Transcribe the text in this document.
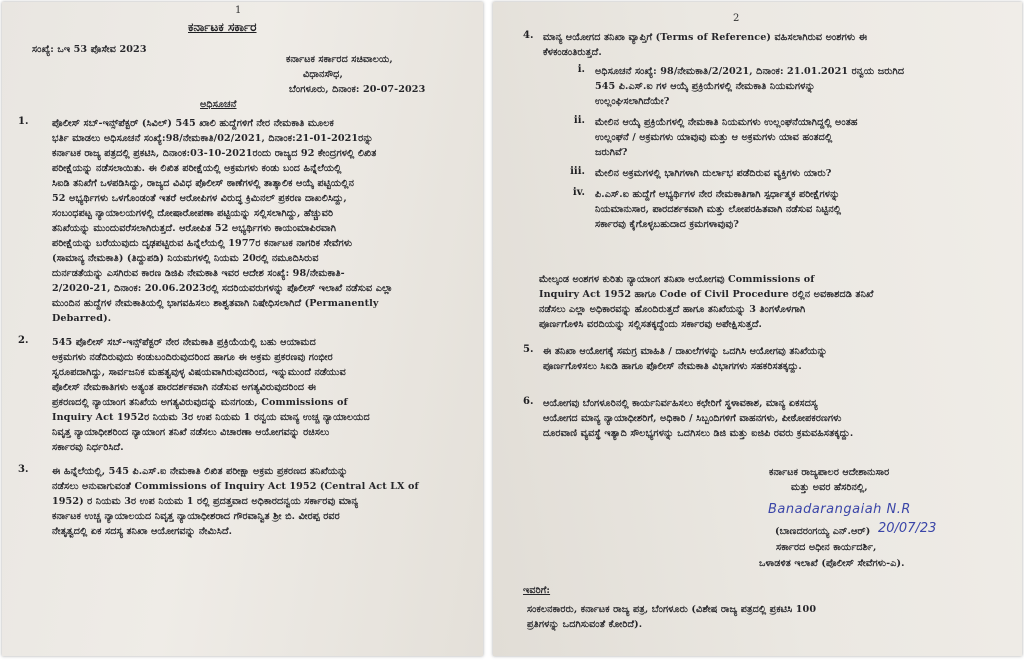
1
ಕರ್ನಾಟಕ ಸರ್ಕಾರ
ಸಂಖ್ಯೆ: ಒಇ 53 ಪೊಸೇವ 2023
ಕರ್ನಾಟಕ ಸರ್ಕಾರದ ಸಚಿವಾಲಯ,
ವಿಧಾನಸೌಧ,
ಬೆಂಗಳೂರು, ದಿನಾಂಕ: 20-07-2023
ಅಧಿಸೂಚನೆ
1. ಪೊಲೀಸ್ ಸಬ್-ಇನ್ಸ್‌ಪೆಕ್ಟರ್ (ಸಿವಿಲ್) 545 ಖಾಲಿ ಹುದ್ದೆಗಳಿಗೆ ನೇರ ನೇಮಕಾತಿ ಮೂಲಕ
ಭರ್ತಿ ಮಾಡಲು ಅಧಿಸೂಚನೆ ಸಂಖ್ಯೆ:98/ನೇಮಕಾತಿ/02/2021, ದಿನಾಂಕ:21-01-2021ರನ್ನು
ಕರ್ನಾಟಕ ರಾಜ್ಯ ಪತ್ರದಲ್ಲಿ ಪ್ರಕಟಿಸಿ, ದಿನಾಂಕ:03-10-2021ರಂದು ರಾಜ್ಯದ 92 ಕೇಂದ್ರಗಳಲ್ಲಿ ಲಿಖಿತ
ಪರೀಕ್ಷೆಯನ್ನು ನಡೆಸಲಾಯಿತು. ಈ ಲಿಖಿತ ಪರೀಕ್ಷೆಯಲ್ಲಿ ಅಕ್ರಮಗಳು ಕಂಡು ಬಂದ ಹಿನ್ನೆಲೆಯಲ್ಲಿ
ಸಿಐಡಿ ತನಿಖೆಗೆ ಒಳಪಡಿಸಿದ್ದು, ರಾಜ್ಯದ ವಿವಿಧ ಪೊಲೀಸ್ ಠಾಣೆಗಳಲ್ಲಿ ತಾತ್ಕಾಲಿಕ ಆಯ್ಕೆ ಪಟ್ಟಿಯಲ್ಲಿನ
52 ಅಭ್ಯರ್ಥಿಗಳು ಒಳಗೊಂಡಂತೆ ಇತರೆ ಆರೋಪಿಗಳ ವಿರುದ್ಧ ಕ್ರಿಮಿನಲ್ ಪ್ರಕರಣ ದಾಖಲಿಸಿದ್ದು,
ಸಂಬಂಧಪಟ್ಟ ನ್ಯಾಯಾಲಯಗಳಲ್ಲಿ ದೋಷಾರೋಪಣಾ ಪಟ್ಟಿಯನ್ನು ಸಲ್ಲಿಸಲಾಗಿದ್ದು, ಹೆಚ್ಚುವರಿ
ತನಿಖೆಯನ್ನು ಮುಂದುವರೆಸಲಾಗಿರುತ್ತದೆ. ಆರೋಪಿತ 52 ಅಭ್ಯರ್ಥಿಗಳು ಕಾಯಂಮಾಪಿರವಾಗಿ
ಪರೀಕ್ಷೆಯನ್ನು ಬರೆಯುವುದು ದೃಢಪಟ್ಟಿರುವ ಹಿನ್ನೆಲೆಯಲ್ಲಿ 1977ರ ಕರ್ನಾಟಕ ನಾಗರಿಕ ಸೇವೆಗಳು
(ಸಾಮಾನ್ಯ ನೇಮಕಾತಿ) (ತಿದ್ದುಪಡಿ) ನಿಯಮಗಳಲ್ಲಿ ನಿಯಮ 20ರಲ್ಲಿ ನಮೂದಿಸಿರುವ
ದುರ್ನಡತೆಯನ್ನು ಎಸಗಿರುವ ಕಾರಣ ಡಿಜಿಪಿ ನೇಮಕಾತಿ ಇವರ ಆದೇಶ ಸಂಖ್ಯೆ: 98/ನೇಮಕಾತಿ-
2/2020-21, ದಿನಾಂಕ: 20.06.2023ರಲ್ಲಿ ಸದರಿಯವರುಗಳನ್ನು ಪೊಲೀಸ್ ಇಲಾಖೆ ನಡೆಸುವ ಎಲ್ಲಾ
ಮುಂದಿನ ಹುದ್ದೆಗಳ ನೇಮಕಾತಿಯಲ್ಲಿ ಭಾಗವಹಿಸಲು ಶಾಶ್ವತವಾಗಿ ನಿಷೇಧಿಸಲಾಗಿದೆ (Permanently
Debarred).
2. 545 ಪೊಲೀಸ್ ಸಬ್-ಇನ್ಸ್‌ಪೆಕ್ಟರ್ ನೇರ ನೇಮಕಾತಿ ಪ್ರಕ್ರಿಯೆಯಲ್ಲಿ ಬಹು ಆಯಾಮದ
ಅಕ್ರಮಗಳು ನಡೆದಿರುವುದು ಕಂಡುಬಂದಿರುವುದರಿಂದ ಹಾಗೂ ಈ ಅಕ್ರಮ ಪ್ರಕರಣವು ಗಂಭೀರ
ಸ್ವರೂಪದಾಗಿದ್ದು, ಸಾರ್ವಜನಿಕ ಮಹತ್ವವುಳ್ಳ ವಿಷಯವಾಗಿರುವುದರಿಂದ, ಇನ್ನುಮುಂದೆ ನಡೆಯುವ
ಪೊಲೀಸ್ ನೇಮಕಾತಿಗಳು ಅತ್ಯಂತ ಪಾರದರ್ಶಕವಾಗಿ ನಡೆಸುವ ಅಗತ್ಯವಿರುವುದರಿಂದ ಈ
ಪ್ರಕರಣದಲ್ಲಿ ನ್ಯಾಯಾಂಗ ತನಿಖೆಯ ಅಗತ್ಯವಿರುವುದನ್ನು ಮನಗಂಡು, Commissions of
Inquiry Act 1952ರ ನಿಯಮ 3ರ ಉಪ ನಿಯಮ 1 ರನ್ವಯ ಮಾನ್ಯ ಉಚ್ಚ ನ್ಯಾಯಾಲಯದ
ನಿವೃತ್ತ ನ್ಯಾಯಾಧೀಶರಿಂದ ನ್ಯಾಯಾಂಗ ತನಿಖೆ ನಡೆಸಲು ವಿಚಾರಣಾ ಆಯೋಗವನ್ನು ರಚಿಸಲು
ಸರ್ಕಾರವು ನಿರ್ಧರಿಸಿದೆ.
3. ಈ ಹಿನ್ನೆಲೆಯಲ್ಲಿ, 545 ಪಿ.ಎಸ್.ಐ ನೇಮಕಾತಿ ಲಿಖಿತ ಪರೀಕ್ಷಾ ಅಕ್ರಮ ಪ್ರಕರಣದ ತನಿಖೆಯನ್ನು
ನಡೆಸಲು ಅನುವಾಗುವಂತೆ Commissions of Inquiry Act 1952 (Central Act LX of
1952) ರ ನಿಯಮ 3ರ ಉಪ ನಿಯಮ 1 ರಲ್ಲಿ ಪ್ರದತ್ತವಾದ ಅಧಿಕಾರದನ್ವಯ ಸರ್ಕಾರವು ಮಾನ್ಯ
ಕರ್ನಾಟಕ ಉಚ್ಚ ನ್ಯಾಯಾಲಯದ ನಿವೃತ್ತ ನ್ಯಾಯಾಧೀಶರಾದ ಗೌರವಾನ್ವಿತ ಶ್ರೀ ಬಿ. ವೀರಪ್ಪ ರವರ
ನೇತೃತ್ವದಲ್ಲಿ ಏಕ ಸದಸ್ಯ ತನಿಖಾ ಆಯೋಗವನ್ನು ನೇಮಿಸಿದೆ.
2
4. ಮಾನ್ಯ ಆಯೋಗದ ತನಿಖಾ ವ್ಯಾಪ್ತಿಗೆ (Terms of Reference) ವಹಿಸಲಾಗಿರುವ ಅಂಶಗಳು ಈ
ಕೆಳಕಂಡಂತಿರುತ್ತದೆ.
i. ಅಧಿಸೂಚನೆ ಸಂಖ್ಯೆ: 98/ನೇಮಕಾತಿ/2/2021, ದಿನಾಂಕ: 21.01.2021 ರನ್ವಯ ಜರುಗಿದ
545 ಪಿ.ಎಸ್.ಐ ಗಳ ಆಯ್ಕೆ ಪ್ರಕ್ರಿಯೆಗಳಲ್ಲಿ ನೇಮಕಾತಿ ನಿಯಮಗಳನ್ನು
ಉಲ್ಲಂಘಿಸಲಾಗಿದೆಯೇ?
ii. ಮೇಲಿನ ಆಯ್ಕೆ ಪ್ರಕ್ರಿಯೆಗಳಲ್ಲಿ ನೇಮಕಾತಿ ನಿಯಮಗಳು ಉಲ್ಲಂಘನೆಯಾಗಿದ್ದಲ್ಲಿ ಅಂತಹ
ಉಲ್ಲಂಘನೆ / ಅಕ್ರಮಗಳು ಯಾವುವು ಮತ್ತು ಆ ಅಕ್ರಮಗಳು ಯಾವ ಹಂತದಲ್ಲಿ
ಜರುಗಿವೆ?
iii. ಮೇಲಿನ ಅಕ್ರಮಗಳಲ್ಲಿ ಭಾಗಿಗಳಾಗಿ ದುರ್ಲಾಭ ಪಡೆದಿರುವ ವ್ಯಕ್ತಿಗಳು ಯಾರು?
iv. ಪಿ.ಎಸ್.ಐ ಹುದ್ದೆಗೆ ಅಭ್ಯರ್ಥಿಗಳ ನೇರ ನೇಮಕಾತಿಗಾಗಿ ಸ್ಪರ್ಧಾತ್ಮಕ ಪರೀಕ್ಷೆಗಳನ್ನು
ನಿಯಮಾನುಸಾರ, ಪಾರದರ್ಶಕವಾಗಿ ಮತ್ತು ಲೋಪರಹಿತವಾಗಿ ನಡೆಸುವ ನಿಟ್ಟಿನಲ್ಲಿ
ಸರ್ಕಾರವು ಕೈಗೊಳ್ಳಬಹುದಾದ ಕ್ರಮಗಳಾವುವು?
ಮೇಲ್ಕಂಡ ಅಂಶಗಳ ಕುರಿತು ನ್ಯಾಯಾಂಗ ತನಿಖಾ ಆಯೋಗವು Commissions of
Inquiry Act 1952 ಹಾಗೂ Code of Civil Procedure ರಲ್ಲಿನ ಅವಕಾಶದಡಿ ತನಿಖೆ
ನಡೆಸಲು ಎಲ್ಲಾ ಅಧಿಕಾರವನ್ನು ಹೊಂದಿರುತ್ತದೆ ಹಾಗೂ ತನಿಖೆಯನ್ನು 3 ತಿಂಗಳೊಳಗಾಗಿ
ಪೂರ್ಣಗೊಳಿಸಿ ವರದಿಯನ್ನು ಸಲ್ಲಿಸತಕ್ಕದ್ದೆಂದು ಸರ್ಕಾರವು ಅಪೇಕ್ಷಿಸುತ್ತದೆ.
5. ಈ ತನಿಖಾ ಆಯೋಗಕ್ಕೆ ಸಮಗ್ರ ಮಾಹಿತಿ / ದಾಖಲೆಗಳನ್ನು ಒದಗಿಸಿ ಆಯೋಗವು ತನಿಖೆಯನ್ನು
ಪೂರ್ಣಗೊಳಿಸಲು ಸಿಐಡಿ ಹಾಗೂ ಪೊಲೀಸ್ ನೇಮಕಾತಿ ವಿಭಾಗಗಳು ಸಹಕರಿಸತಕ್ಕದ್ದು.
6. ಆಯೋಗವು ಬೆಂಗಳೂರಿನಲ್ಲಿ ಕಾರ್ಯನಿರ್ವಹಿಸಲು ಕಛೇರಿಗೆ ಸ್ಥಳಾವಕಾಶ, ಮಾನ್ಯ ಏಕಸದಸ್ಯ
ಆಯೋಗದ ಮಾನ್ಯ ನ್ಯಾಯಾಧೀಶರಿಗೆ, ಅಧಿಕಾರಿ / ಸಿಬ್ಬಂದಿಗಳಿಗೆ ವಾಹನಗಳು, ಪೀಠೋಪಕರಣಗಳು
ದೂರವಾಣಿ ವ್ಯವಸ್ಥೆ ಇತ್ಯಾದಿ ಸೌಲಭ್ಯಗಳನ್ನು ಒದಗಿಸಲು ಡಿಜಿ ಮತ್ತು ಐಜಿಪಿ ರವರು ಕ್ರಮವಹಿಸತಕ್ಕದ್ದು.
ಕರ್ನಾಟಕ ರಾಜ್ಯಪಾಲರ ಆದೇಶಾನುಸಾರ
ಮತ್ತು ಅವರ ಹೆಸರಿನಲ್ಲಿ,
Banadarangaiah N.R
20/07/23
(ಬಾಣದರಂಗಯ್ಯ ಎನ್.ಆರ್)
ಸರ್ಕಾರದ ಅಧೀನ ಕಾರ್ಯದರ್ಶಿ,
ಒಳಾಡಳಿತ ಇಲಾಖೆ (ಪೊಲೀಸ್ ಸೇವೆಗಳು-ಎ).
ಇವರಿಗೆ:
ಸಂಕಲನಕಾರರು, ಕರ್ನಾಟಕ ರಾಜ್ಯ ಪತ್ರ, ಬೆಂಗಳೂರು (ವಿಶೇಷ ರಾಜ್ಯ ಪತ್ರದಲ್ಲಿ ಪ್ರಕಟಿಸಿ 100
ಪ್ರತಿಗಳನ್ನು ಒದಗಿಸುವಂತೆ ಕೋರಿದೆ).
